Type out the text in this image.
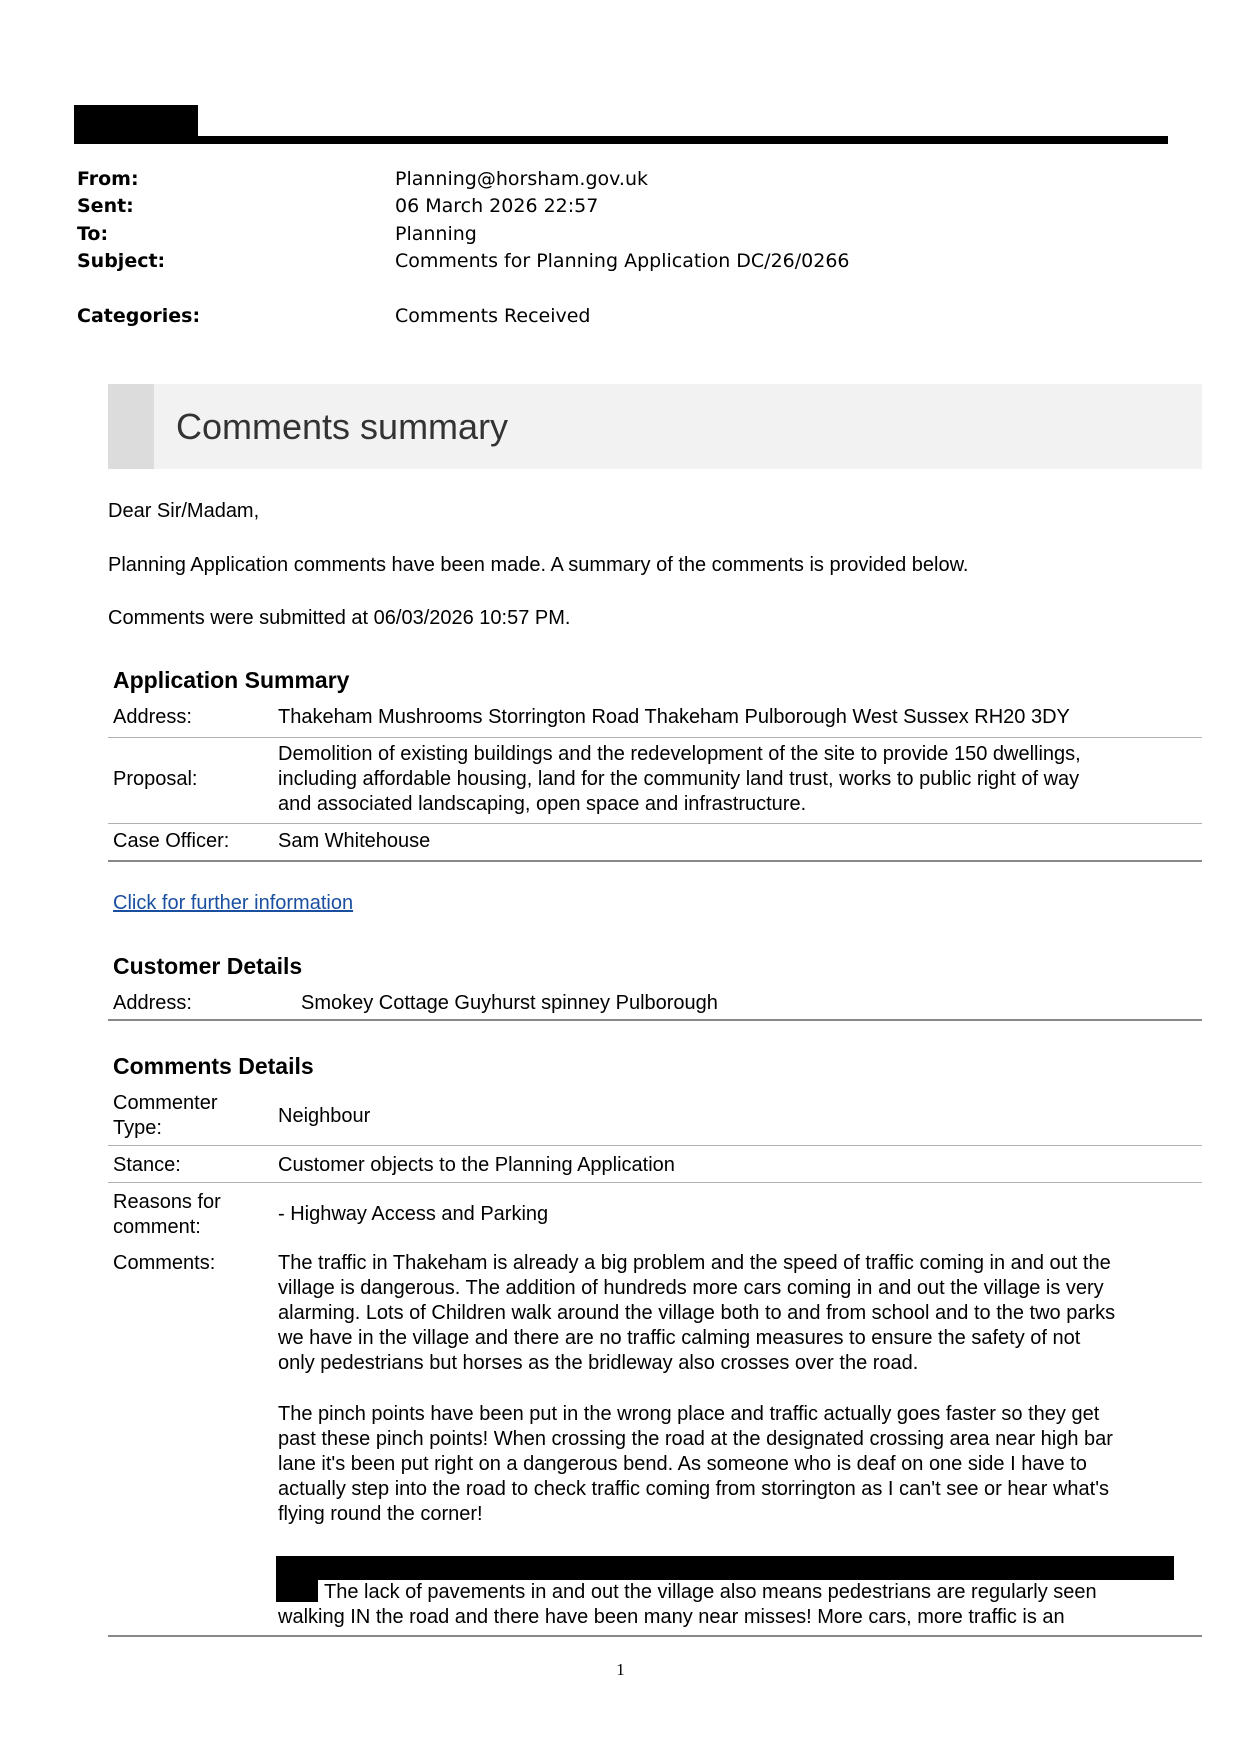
From:	Planning@horsham.gov.uk
Sent:	06 March 2026 22:57
To:	Planning
Subject:	Comments for Planning Application DC/26/0266
Categories:	Comments Received
Comments summary
Dear Sir/Madam,
Planning Application comments have been made. A summary of the comments is provided below.
Comments were submitted at 06/03/2026 10:57 PM.
Application Summary
Address:	Thakeham Mushrooms Storrington Road Thakeham Pulborough West Sussex RH20 3DY
Proposal:
Demolition of existing buildings and the redevelopment of the site to provide 150 dwellings,
including affordable housing, land for the community land trust, works to public right of way
and associated landscaping, open space and infrastructure.
Case Officer: Sam Whitehouse
Click for further information
Customer Details
Address:	Smokey Cottage Guyhurst spinney Pulborough
Comments Details
Commenter
Type:
Neighbour
Stance:	Customer objects to the Planning Application
Reasons for
comment:
- Highway Access and Parking
Comments:	The traffic in Thakeham is already a big problem and the speed of traffic coming in and out the
village is dangerous. The addition of hundreds more cars coming in and out the village is very
alarming. Lots of Children walk around the village both to and from school and to the two parks
we have in the village and there are no traffic calming measures to ensure the safety of not
only pedestrians but horses as the bridleway also crosses over the road.
The pinch points have been put in the wrong place and traffic actually goes faster so they get
past these pinch points! When crossing the road at the designated crossing area near high bar
lane it's been put right on a dangerous bend. As someone who is deaf on one side I have to
actually step into the road to check traffic coming from storrington as I can't see or hear what's
flying round the corner!
The lack of pavements in and out the village also means pedestrians are regularly seen
walking IN the road and there have been many near misses! More cars, more traffic is an
1
